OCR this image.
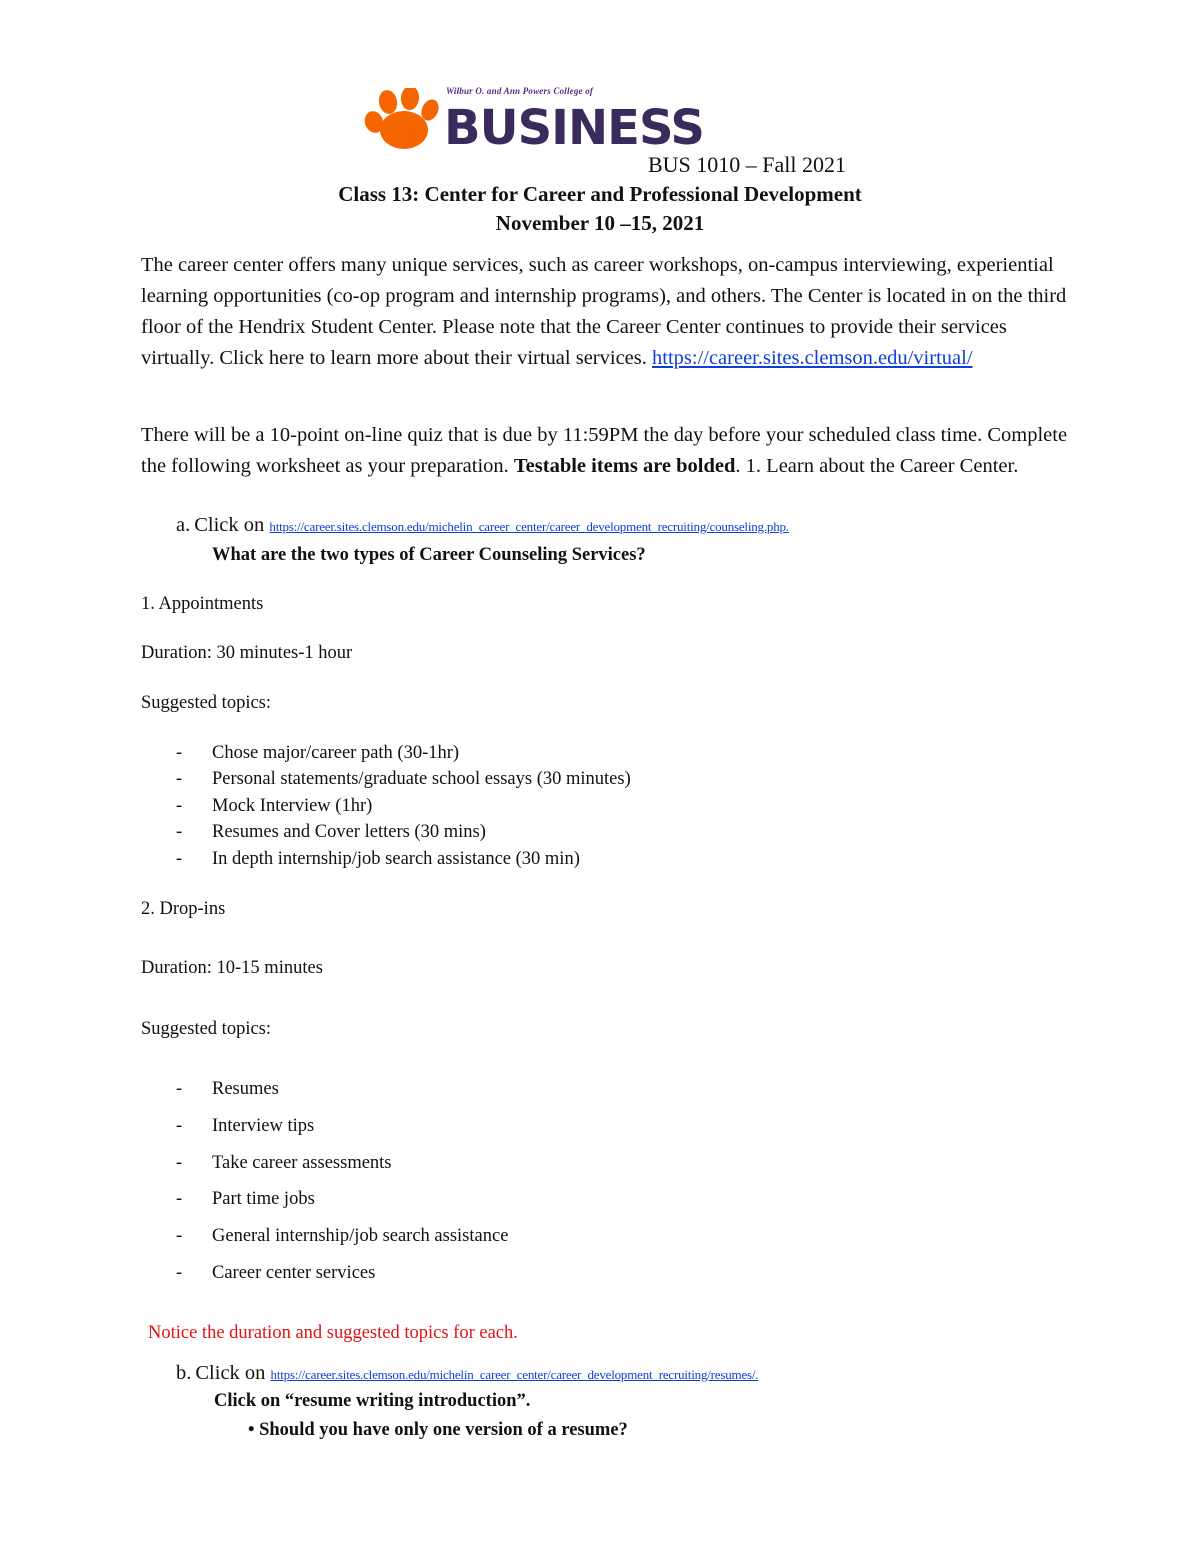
Wilbur O. and Ann Powers College of
BUSINESS
BUS 1010 – Fall 2021
Class 13: Center for Career and Professional Development
November 10 –15, 2021
The career center offers many unique services, such as career workshops, on-campus interviewing, experiential learning opportunities (co-op program and internship programs), and others. The Center is located in on the third floor of the Hendrix Student Center. Please note that the Career Center continues to provide their services virtually. Click here to learn more about their virtual services. https://career.sites.clemson.edu/virtual/
There will be a 10-point on-line quiz that is due by 11:59PM the day before your scheduled class time. Complete the following worksheet as your preparation. Testable items are bolded. 1. Learn about the Career Center.
a. Click on https://career.sites.clemson.edu/michelin_career_center/career_development_recruiting/counseling.php.
What are the two types of Career Counseling Services?
1. Appointments
Duration: 30 minutes-1 hour
Suggested topics:
- Chose major/career path (30-1hr)
- Personal statements/graduate school essays (30 minutes)
- Mock Interview (1hr)
- Resumes and Cover letters (30 mins)
- In depth internship/job search assistance (30 min)
2. Drop-ins
Duration: 10-15 minutes
Suggested topics:
- Resumes
- Interview tips
- Take career assessments
- Part time jobs
- General internship/job search assistance
- Career center services
Notice the duration and suggested topics for each.
b. Click on https://career.sites.clemson.edu/michelin_career_center/career_development_recruiting/resumes/.
Click on “resume writing introduction”.
• Should you have only one version of a resume?
